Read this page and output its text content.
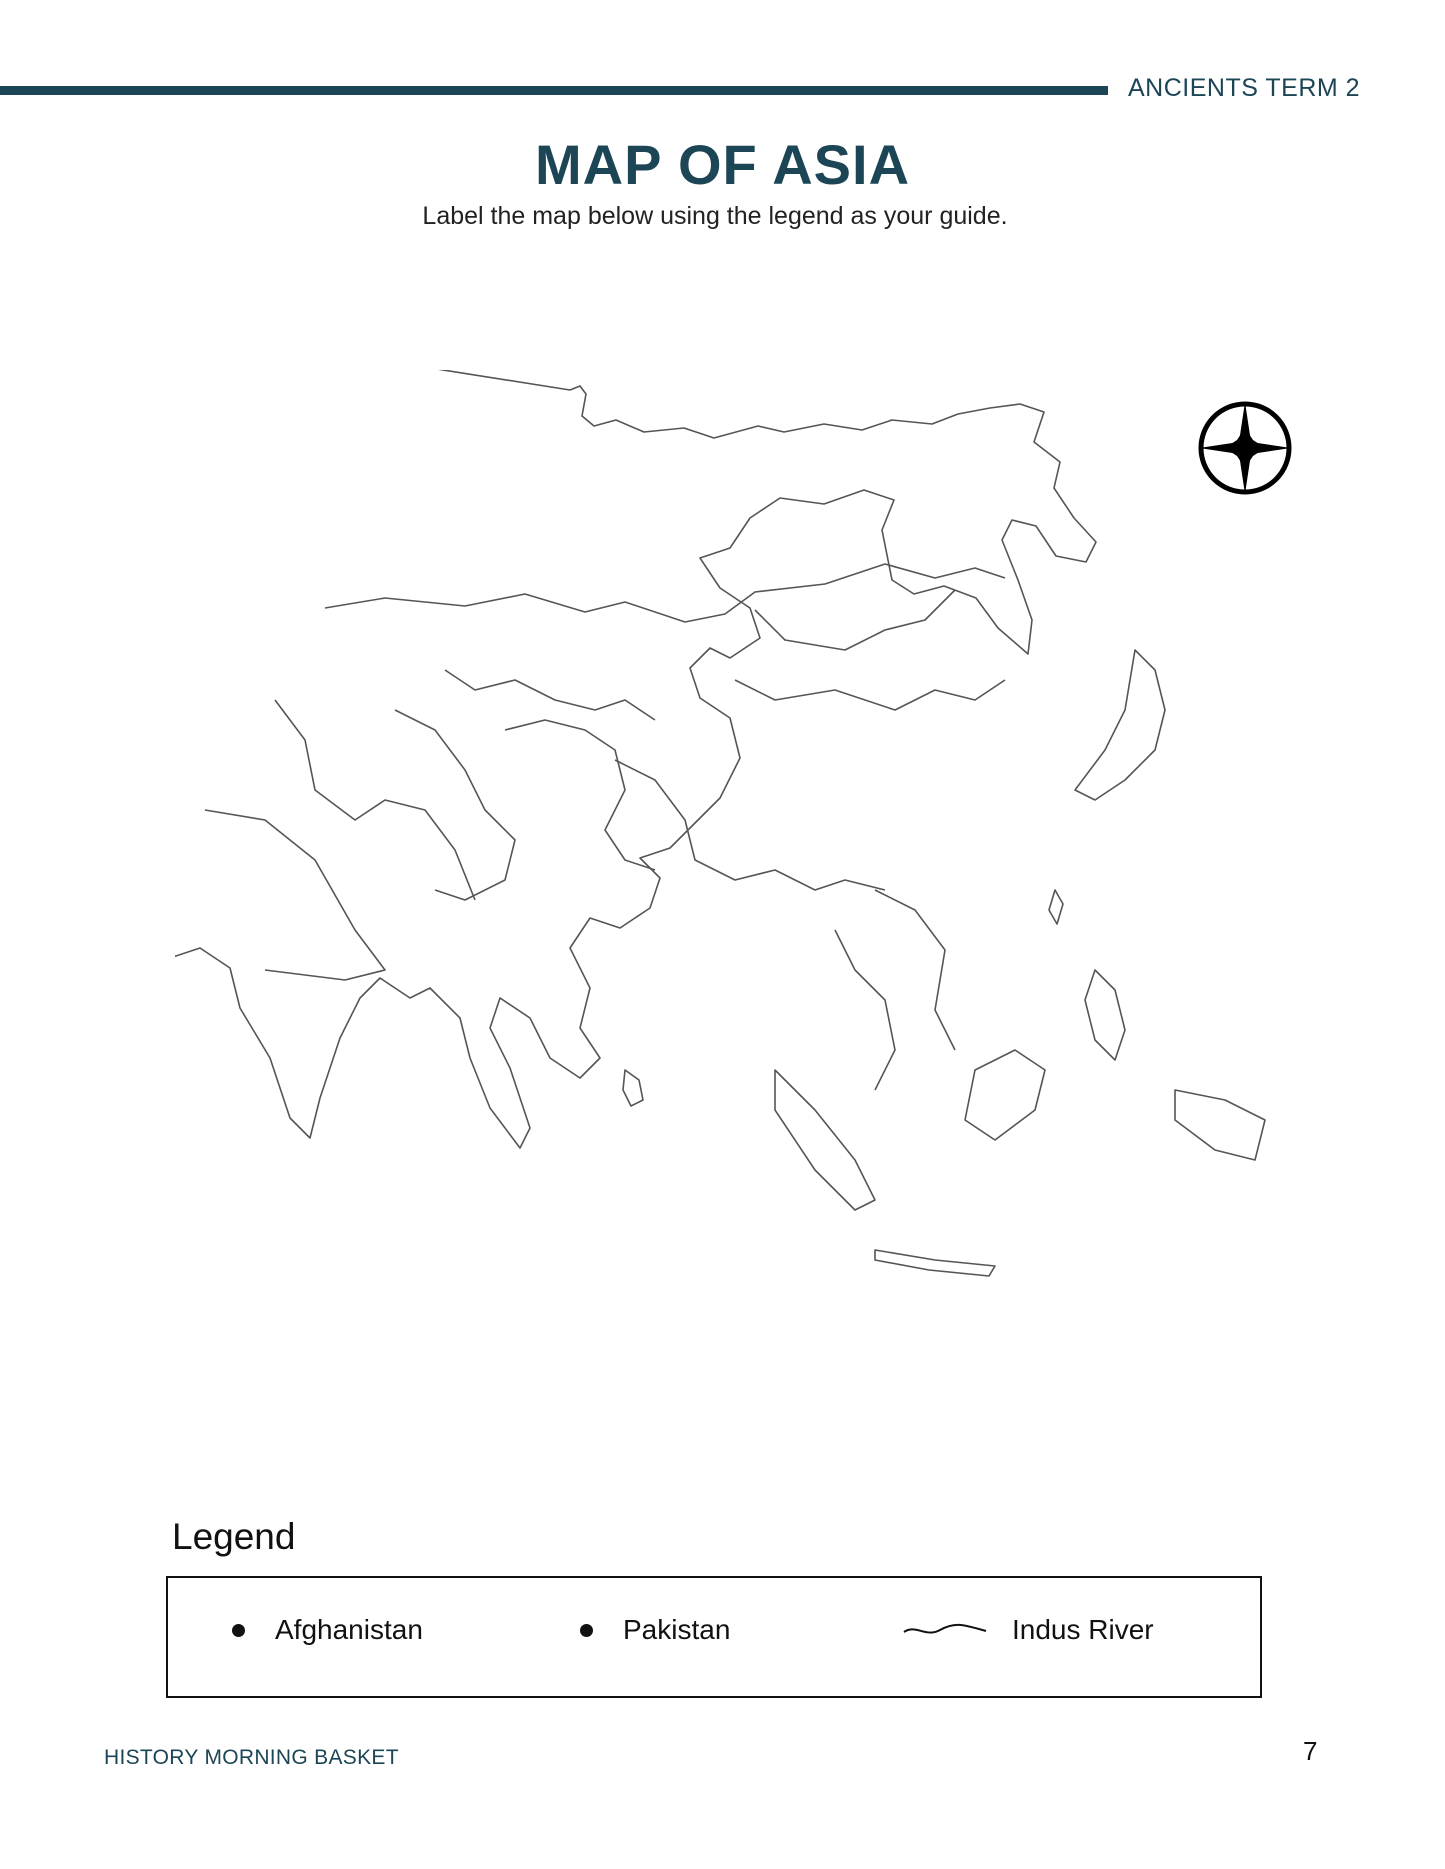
ANCIENTS TERM 2
MAP OF ASIA
Label the map below using the legend as your guide.
Legend
Afghanistan	Pakistan	Indus River
HISTORY MORNING BASKET	7
